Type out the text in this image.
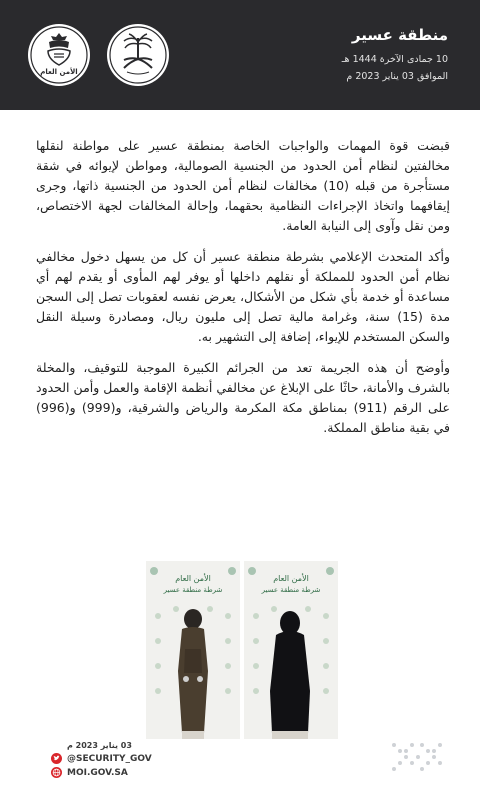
الأمن العام
منطقة عسير
10 جمادى الآخرة 1444 هـ
الموافق 03 يناير 2023 م

قبضت قوة المهمات والواجبات الخاصة بمنطقة عسير على مواطنة لنقلها مخالفتين لنظام أمن الحدود من الجنسية الصومالية، ومواطن لإيوائه في شقة مستأجرة من قبله (10) مخالفات لنظام أمن الحدود من الجنسية ذاتها، وجرى إيقافهما واتخاذ الإجراءات النظامية بحقهما، وإحالة المخالفات لجهة الاختصاص، ومن نقل وآوى إلى النيابة العامة.

وأكد المتحدث الإعلامي بشرطة منطقة عسير أن كل من يسهل دخول مخالفي نظام أمن الحدود للمملكة أو نقلهم داخلها أو يوفر لهم المأوى أو يقدم لهم أي مساعدة أو خدمة بأي شكل من الأشكال، يعرض نفسه لعقوبات تصل إلى السجن مدة (15) سنة، وغرامة مالية تصل إلى مليون ريال، ومصادرة وسيلة النقل والسكن المستخدم للإيواء، إضافة إلى التشهير به.

وأوضح أن هذه الجريمة تعد من الجرائم الكبيرة الموجبة للتوقيف، والمخلة بالشرف والأمانة، حاثًا على الإبلاغ عن مخالفي أنظمة الإقامة والعمل وأمن الحدود على الرقم (911) بمناطق مكة المكرمة والرياض والشرقية، و(999) و(996) في بقية مناطق المملكة.

الأمن العام
شرطة منطقة عسير
الأمن العام
شرطة منطقة عسير
03 يناير 2023 م
@SECURITY_GOV
MOI.GOV.SA
